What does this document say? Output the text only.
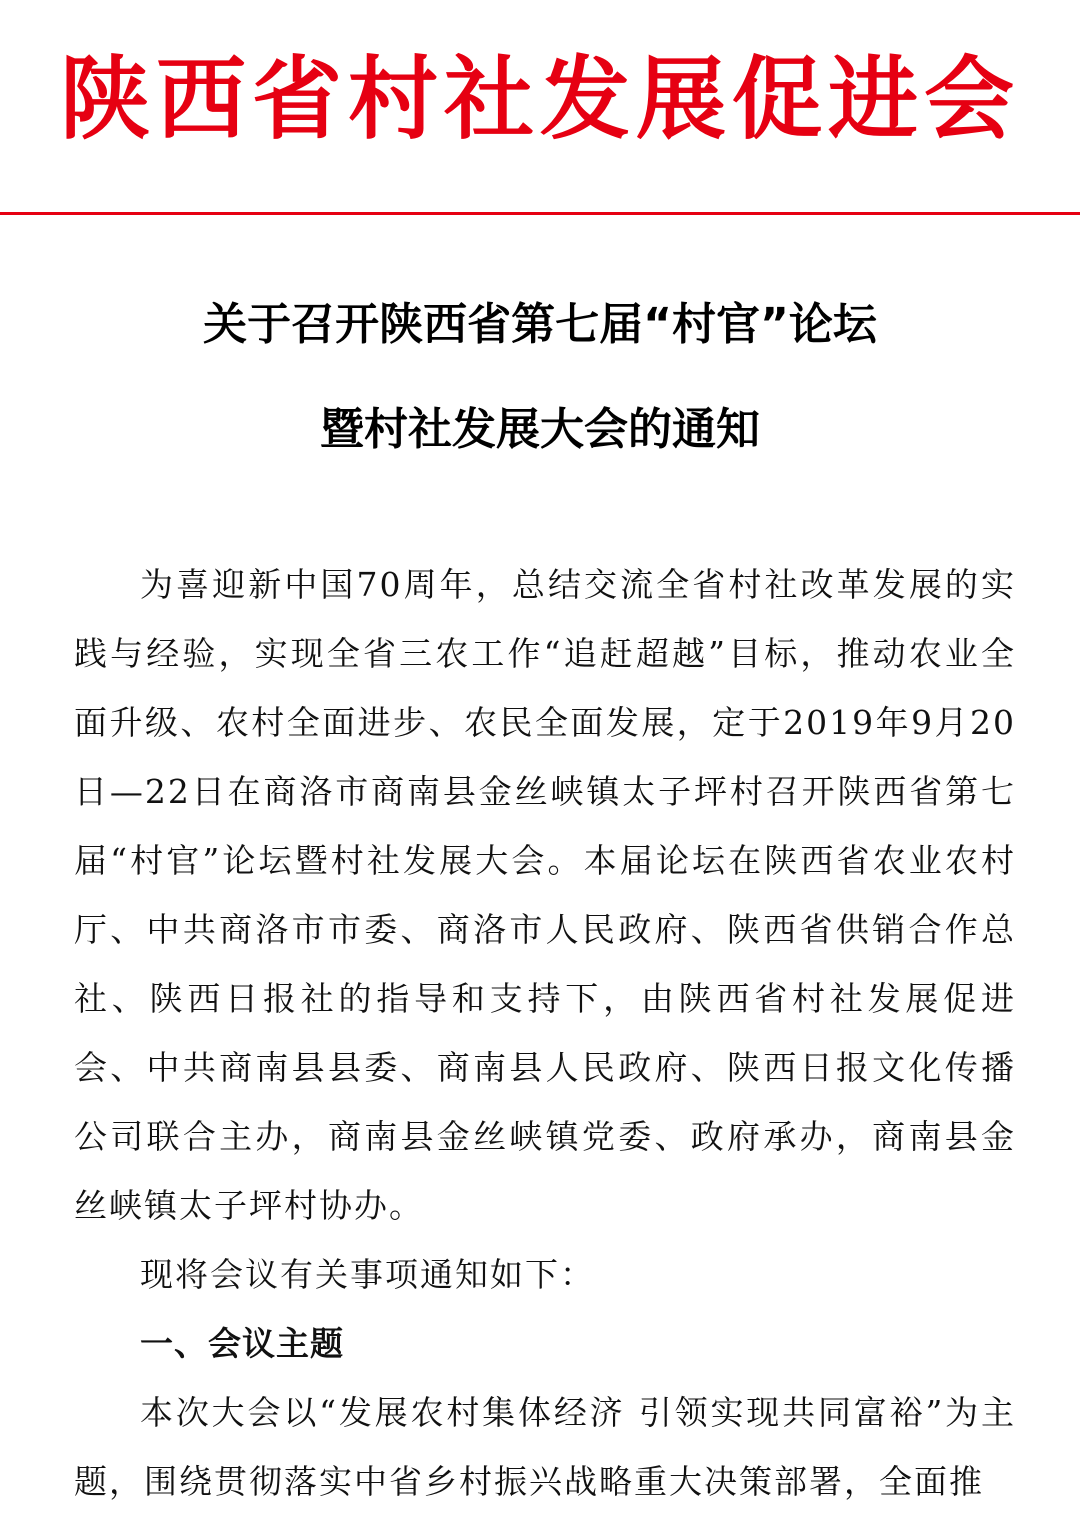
陕西省村社发展促进会
关于召开陕西省第七届“村官”论坛
暨村社发展大会的通知

为喜迎新中国70周年，总结交流全省村社改革发展的实践与经验，实现全省三农工作“追赶超越”目标，推动农业全面升级、农村全面进步、农民全面发展，定于2019年9月20日—22日在商洛市商南县金丝峡镇太子坪村召开陕西省第七届“村官”论坛暨村社发展大会。本届论坛在陕西省农业农村厅、中共商洛市市委、商洛市人民政府、陕西省供销合作总社、陕西日报社的指导和支持下，由陕西省村社发展促进会、中共商南县县委、商南县人民政府、陕西日报文化传播公司联合主办，商南县金丝峡镇党委、政府承办，商南县金丝峡镇太子坪村协办。

现将会议有关事项通知如下：

一、会议主题

本次大会以“发展农村集体经济 引领实现共同富裕”为主题，围绕贯彻落实中省乡村振兴战略重大决策部署，全面推
